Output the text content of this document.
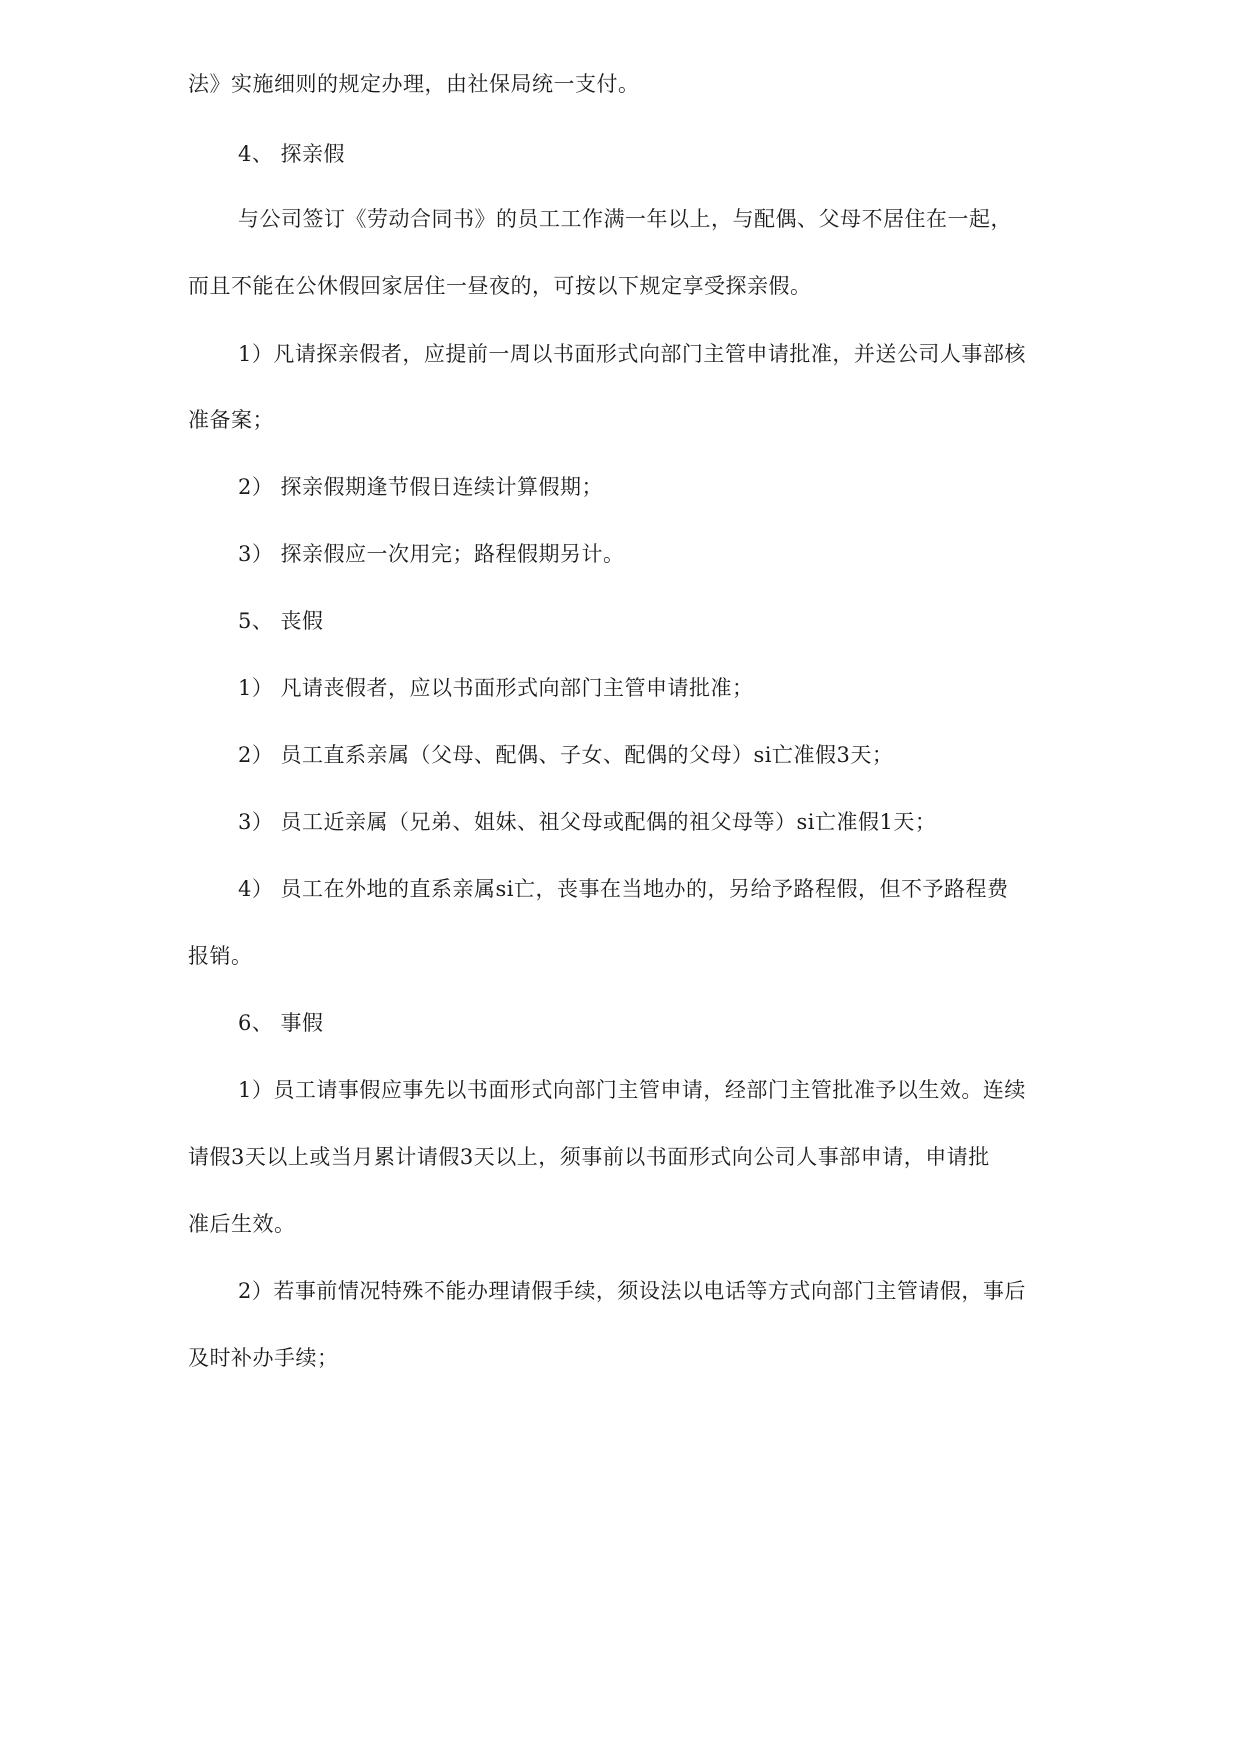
法》实施细则的规定办理，由社保局统一支付。
4、 探亲假
与公司签订《劳动合同书》的员工工作满一年以上，与配偶、父母不居住在一起，
而且不能在公休假回家居住一昼夜的，可按以下规定享受探亲假。
1）凡请探亲假者，应提前一周以书面形式向部门主管申请批准，并送公司人事部核
准备案；
2） 探亲假期逢节假日连续计算假期；
3） 探亲假应一次用完；路程假期另计。
5、 丧假
1） 凡请丧假者，应以书面形式向部门主管申请批准；
2） 员工直系亲属（父母、配偶、子女、配偶的父母）si亡准假3天；
3） 员工近亲属（兄弟、姐妹、祖父母或配偶的祖父母等）si亡准假1天；
4） 员工在外地的直系亲属si亡，丧事在当地办的，另给予路程假，但不予路程费
报销。
6、 事假
1）员工请事假应事先以书面形式向部门主管申请，经部门主管批准予以生效。连续
请假3天以上或当月累计请假3天以上，须事前以书面形式向公司人事部申请，申请批
准后生效。
2）若事前情况特殊不能办理请假手续，须设法以电话等方式向部门主管请假，事后
及时补办手续；
